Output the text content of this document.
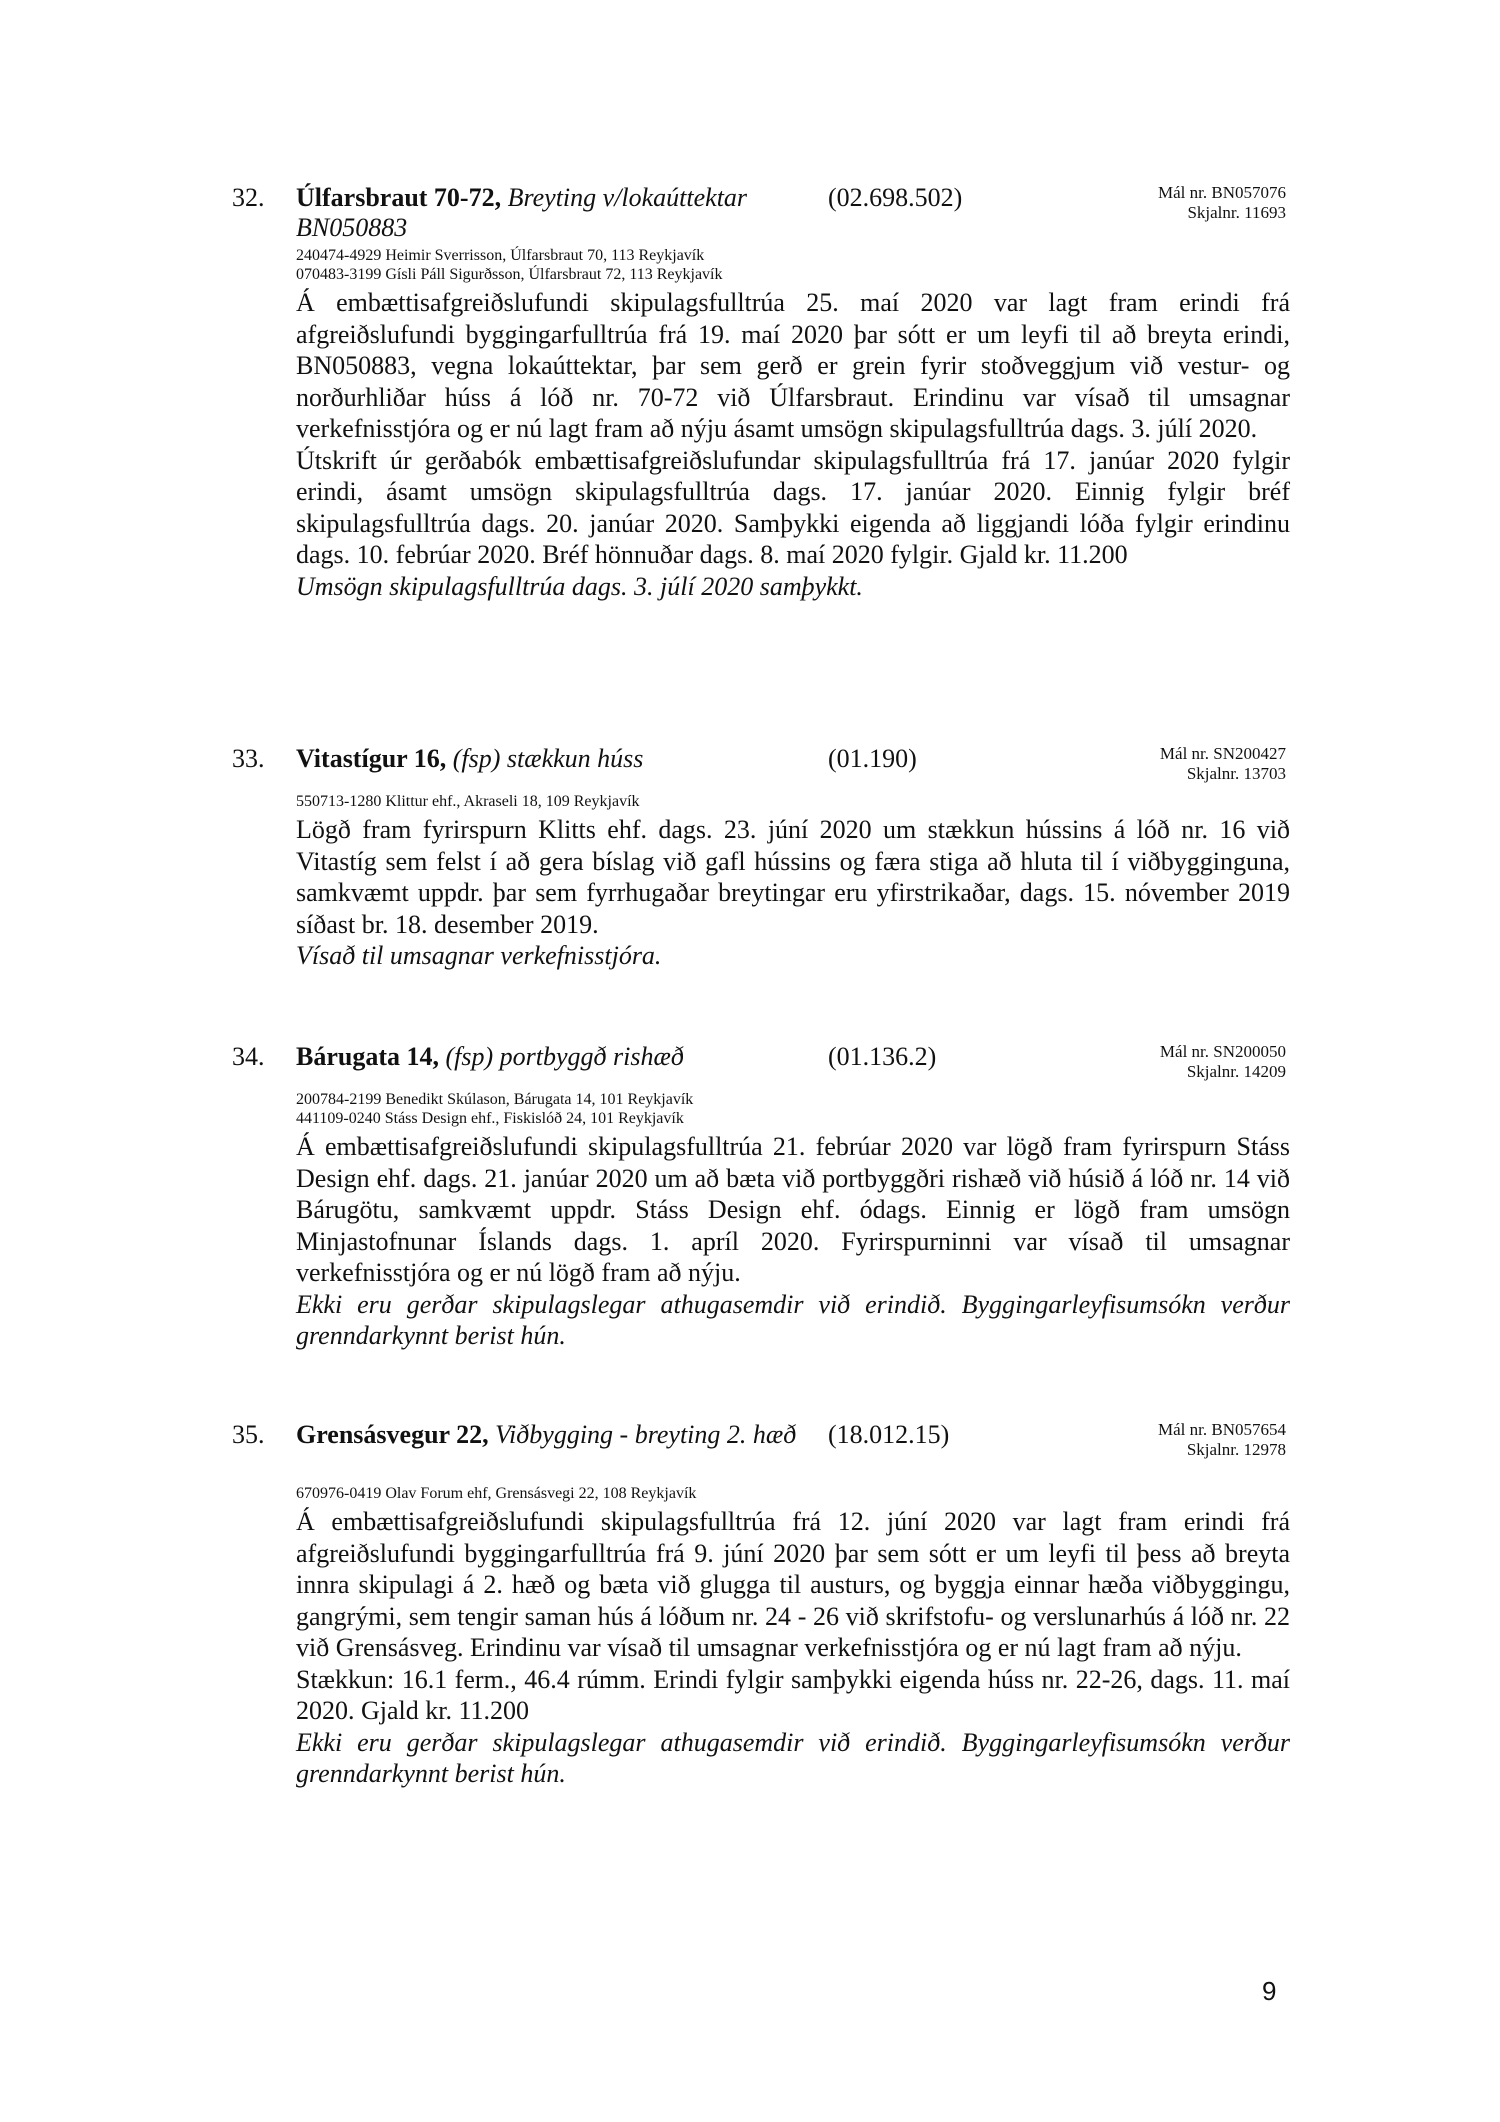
32. Úlfarsbraut 70-72, Breyting v/lokaúttektar BN050883
(02.698.502)	Mál nr. BN057076
Skjalnr. 11693
240474-4929 Heimir Sverrisson, Úlfarsbraut 70, 113 Reykjavík
070483-3199 Gísli Páll Sigurðsson, Úlfarsbraut 72, 113 Reykjavík

Á embættisafgreiðslufundi skipulagsfulltrúa 25. maí 2020 var lagt fram erindi frá afgreiðslufundi byggingarfulltrúa frá 19. maí 2020 þar sótt er um leyfi til að breyta erindi, BN050883, vegna lokaúttektar, þar sem gerð er grein fyrir stoðveggjum við vestur- og norðurhliðar húss á lóð nr. 70-72 við Úlfarsbraut. Erindinu var vísað til umsagnar verkefnisstjóra og er nú lagt fram að nýju ásamt umsögn skipulagsfulltrúa dags. 3. júlí 2020.

Útskrift úr gerðabók embættisafgreiðslufundar skipulagsfulltrúa frá 17. janúar 2020 fylgir erindi, ásamt umsögn skipulagsfulltrúa dags. 17. janúar 2020. Einnig fylgir bréf skipulagsfulltrúa dags. 20. janúar 2020. Samþykki eigenda að liggjandi lóða fylgir erindinu dags. 10. febrúar 2020. Bréf hönnuðar dags. 8. maí 2020 fylgir. Gjald kr. 11.200

Umsögn skipulagsfulltrúa dags. 3. júlí 2020 samþykkt.

33. Vitastígur 16, (fsp) stækkun húss	(01.190)	Mál nr. SN200427
Skjalnr. 13703
550713-1280 Klittur ehf., Akraseli 18, 109 Reykjavík

Lögð fram fyrirspurn Klitts ehf. dags. 23. júní 2020 um stækkun hússins á lóð nr. 16 við Vitastíg sem felst í að gera bíslag við gafl hússins og færa stiga að hluta til í viðbygginguna, samkvæmt uppdr. þar sem fyrrhugaðar breytingar eru yfirstrikaðar, dags. 15. nóvember 2019 síðast br. 18. desember 2019.

Vísað til umsagnar verkefnisstjóra.

34. Bárugata 14, (fsp) portbyggð rishæð	(01.136.2)	Mál nr. SN200050
Skjalnr. 14209
200784-2199 Benedikt Skúlason, Bárugata 14, 101 Reykjavík
441109-0240 Stáss Design ehf., Fiskislóð 24, 101 Reykjavík

Á embættisafgreiðslufundi skipulagsfulltrúa 21. febrúar 2020 var lögð fram fyrirspurn Stáss Design ehf. dags. 21. janúar 2020 um að bæta við portbyggðri rishæð við húsið á lóð nr. 14 við Bárugötu, samkvæmt uppdr. Stáss Design ehf. ódags. Einnig er lögð fram umsögn Minjastofnunar Íslands dags. 1. apríl 2020. Fyrirspurninni var vísað til umsagnar verkefnisstjóra og er nú lögð fram að nýju.

Ekki eru gerðar skipulagslegar athugasemdir við erindið. Byggingarleyfisumsókn verður grenndarkynnt berist hún.

35. Grensásvegur 22, Viðbygging - breyting 2. hæð	(18.012.15)	Mál nr. BN057654
Skjalnr. 12978
670976-0419 Olav Forum ehf, Grensásvegi 22, 108 Reykjavík

Á embættisafgreiðslufundi skipulagsfulltrúa frá 12. júní 2020 var lagt fram erindi frá afgreiðslufundi byggingarfulltrúa frá 9. júní 2020 þar sem sótt er um leyfi til þess að breyta innra skipulagi á 2. hæð og bæta við glugga til austurs, og byggja einnar hæða viðbyggingu, gangrými, sem tengir saman hús á lóðum nr. 24 - 26 við skrifstofu- og verslunarhús á lóð nr. 22 við Grensásveg. Erindinu var vísað til umsagnar verkefnisstjóra og er nú lagt fram að nýju.

Stækkun: 16.1 ferm., 46.4 rúmm. Erindi fylgir samþykki eigenda húss nr. 22-26, dags. 11. maí 2020. Gjald kr. 11.200

Ekki eru gerðar skipulagslegar athugasemdir við erindið. Byggingarleyfisumsókn verður grenndarkynnt berist hún.

9
